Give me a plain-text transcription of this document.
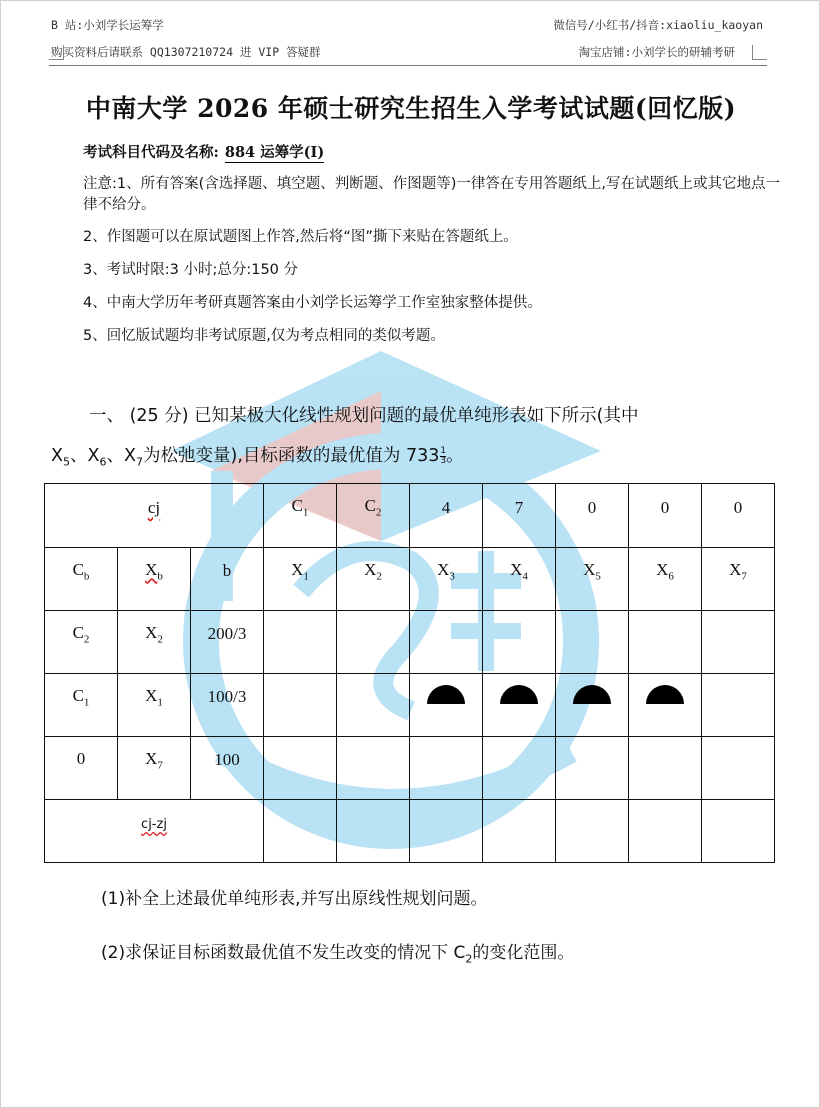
B 站:小刘学长运筹学
购买资料后请联系 QQ1307210724 进 VIP 答疑群
微信号/小红书/抖音:xiaoliu_kaoyan
淘宝店铺:小刘学长的研辅考研
中南大学 2026 年硕士研究生招生入学考试试题(回忆版)
考试科目代码及名称: 884 运筹学(Ⅰ)
注意:1、所有答案(含选择题、填空题、判断题、作图题等)一律答在专用答题纸上,写在试题纸上或其它地点一律不给分。
2、作图题可以在原试题图上作答,然后将“图”撕下来贴在答题纸上。
3、考试时限:3 小时;总分:150 分
4、中南大学历年考研真题答案由小刘学长运筹学工作室独家整体提供。
5、回忆版试题均非考试原题,仅为考点相同的类似考题。
一、 (25 分) 已知某极大化线性规划问题的最优单纯形表如下所示(其中
$X_5$、$X_6$、$X_7$为松弛变量),目标函数的最优值为 $733 \frac{1}{3}$ 。
cj			$C_1$	$C_2$	4	7	0	0	0
$C_b$	$X_b$	b	$X_1$	$X_2$	$X_3$	$X_4$	$X_5$	$X_6$	$X_7$
$C_2$	$X_2$	200/3							
$C_1$	$X_1$	100/3							
0	$X_7$	100							
$^{cj-zj}$							
(1)补全上述最优单纯形表,并写出原线性规划问题。
(2)求保证目标函数最优值不发生改变的情况下 $C_2$的变化范围。
